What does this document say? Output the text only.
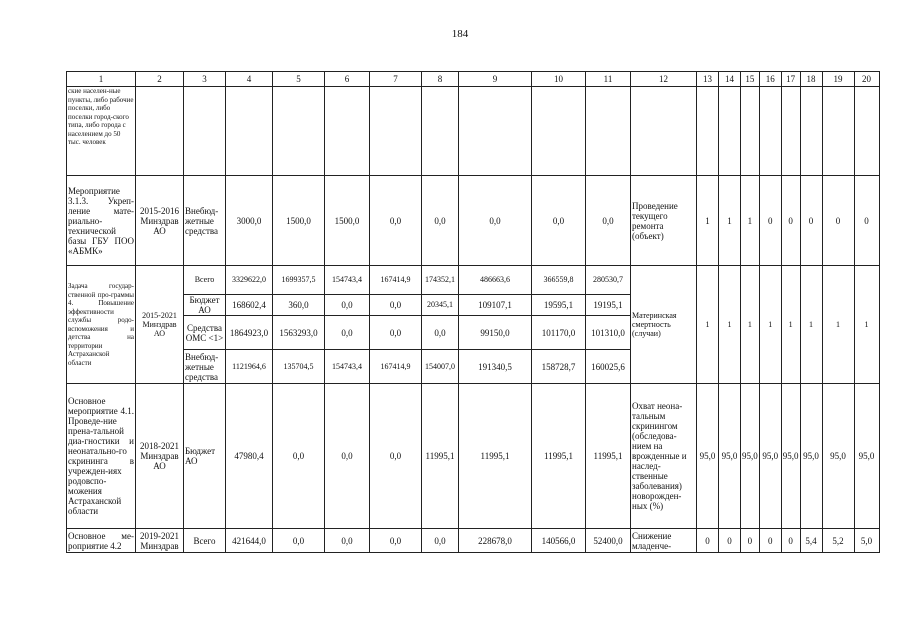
184
1	2	3	4	5	6	7	8	9	10	11	12	13	14	15	16	17	18	19	20
ские населен-ные пункты, либо рабочие поселки, либо поселки город-ского типа, либо города с населением до 50 тыс. человек																			
Мероприятие 3.1.3. Укреп-ление мате-риально-технической базы ГБУ ПОО «АБМК»	2015-2016 Минздрав АО	Внебюд-жетные средства	3000,0	1500,0	1500,0	0,0	0,0	0,0	0,0	0,0	Проведение текущего ремонта (объект)	1	1	1	0	0	0	0	0
Задача государ-ственной про-граммы 4. Повышение эффективности службы родо-вспоможения и детства на территории Астраханской области	2015-2021 Минздрав АО	Всего	3329622,0	1699357,5	154743,4	167414,9	174352,1	486663,6	366559,8	280530,7	Материнская смертность (случаи)	1	1	1	1	1	1	1	1
		Бюджет АО	168602,4	360,0	0,0	0,0	20345,1	109107,1	19595,1	19195,1									
		Средства ОМС <1>	1864923,0	1563293,0	0,0	0,0	0,0	99150,0	101170,0	101310,0									
		Внебюд-жетные средства	1121964,6	135704,5	154743,4	167414,9	154007,0	191340,5	158728,7	160025,6									
Основное мероприятие 4.1. Проведе-ние прена-тальной диа-гностики и неонатально-го скрининга в учрежден-иях родовспо-можения Астраханской области	2018-2021 Минздрав АО	Бюджет АО	47980,4	0,0	0,0	0,0	11995,1	11995,1	11995,1	11995,1	Охват неона-тальным скринингом (обследова-нием на врожденные и наслед-ственные заболевания) новорожден-ных (%)	95,0	95,0	95,0	95,0	95,0	95,0	95,0	95,0
Основное ме-роприятие 4.2	2019-2021 Минздрав	Всего	421644,0	0,0	0,0	0,0	0,0	228678,0	140566,0	52400,0	Снижение младенче-	0	0	0	0	0	5,4	5,2	5,0
